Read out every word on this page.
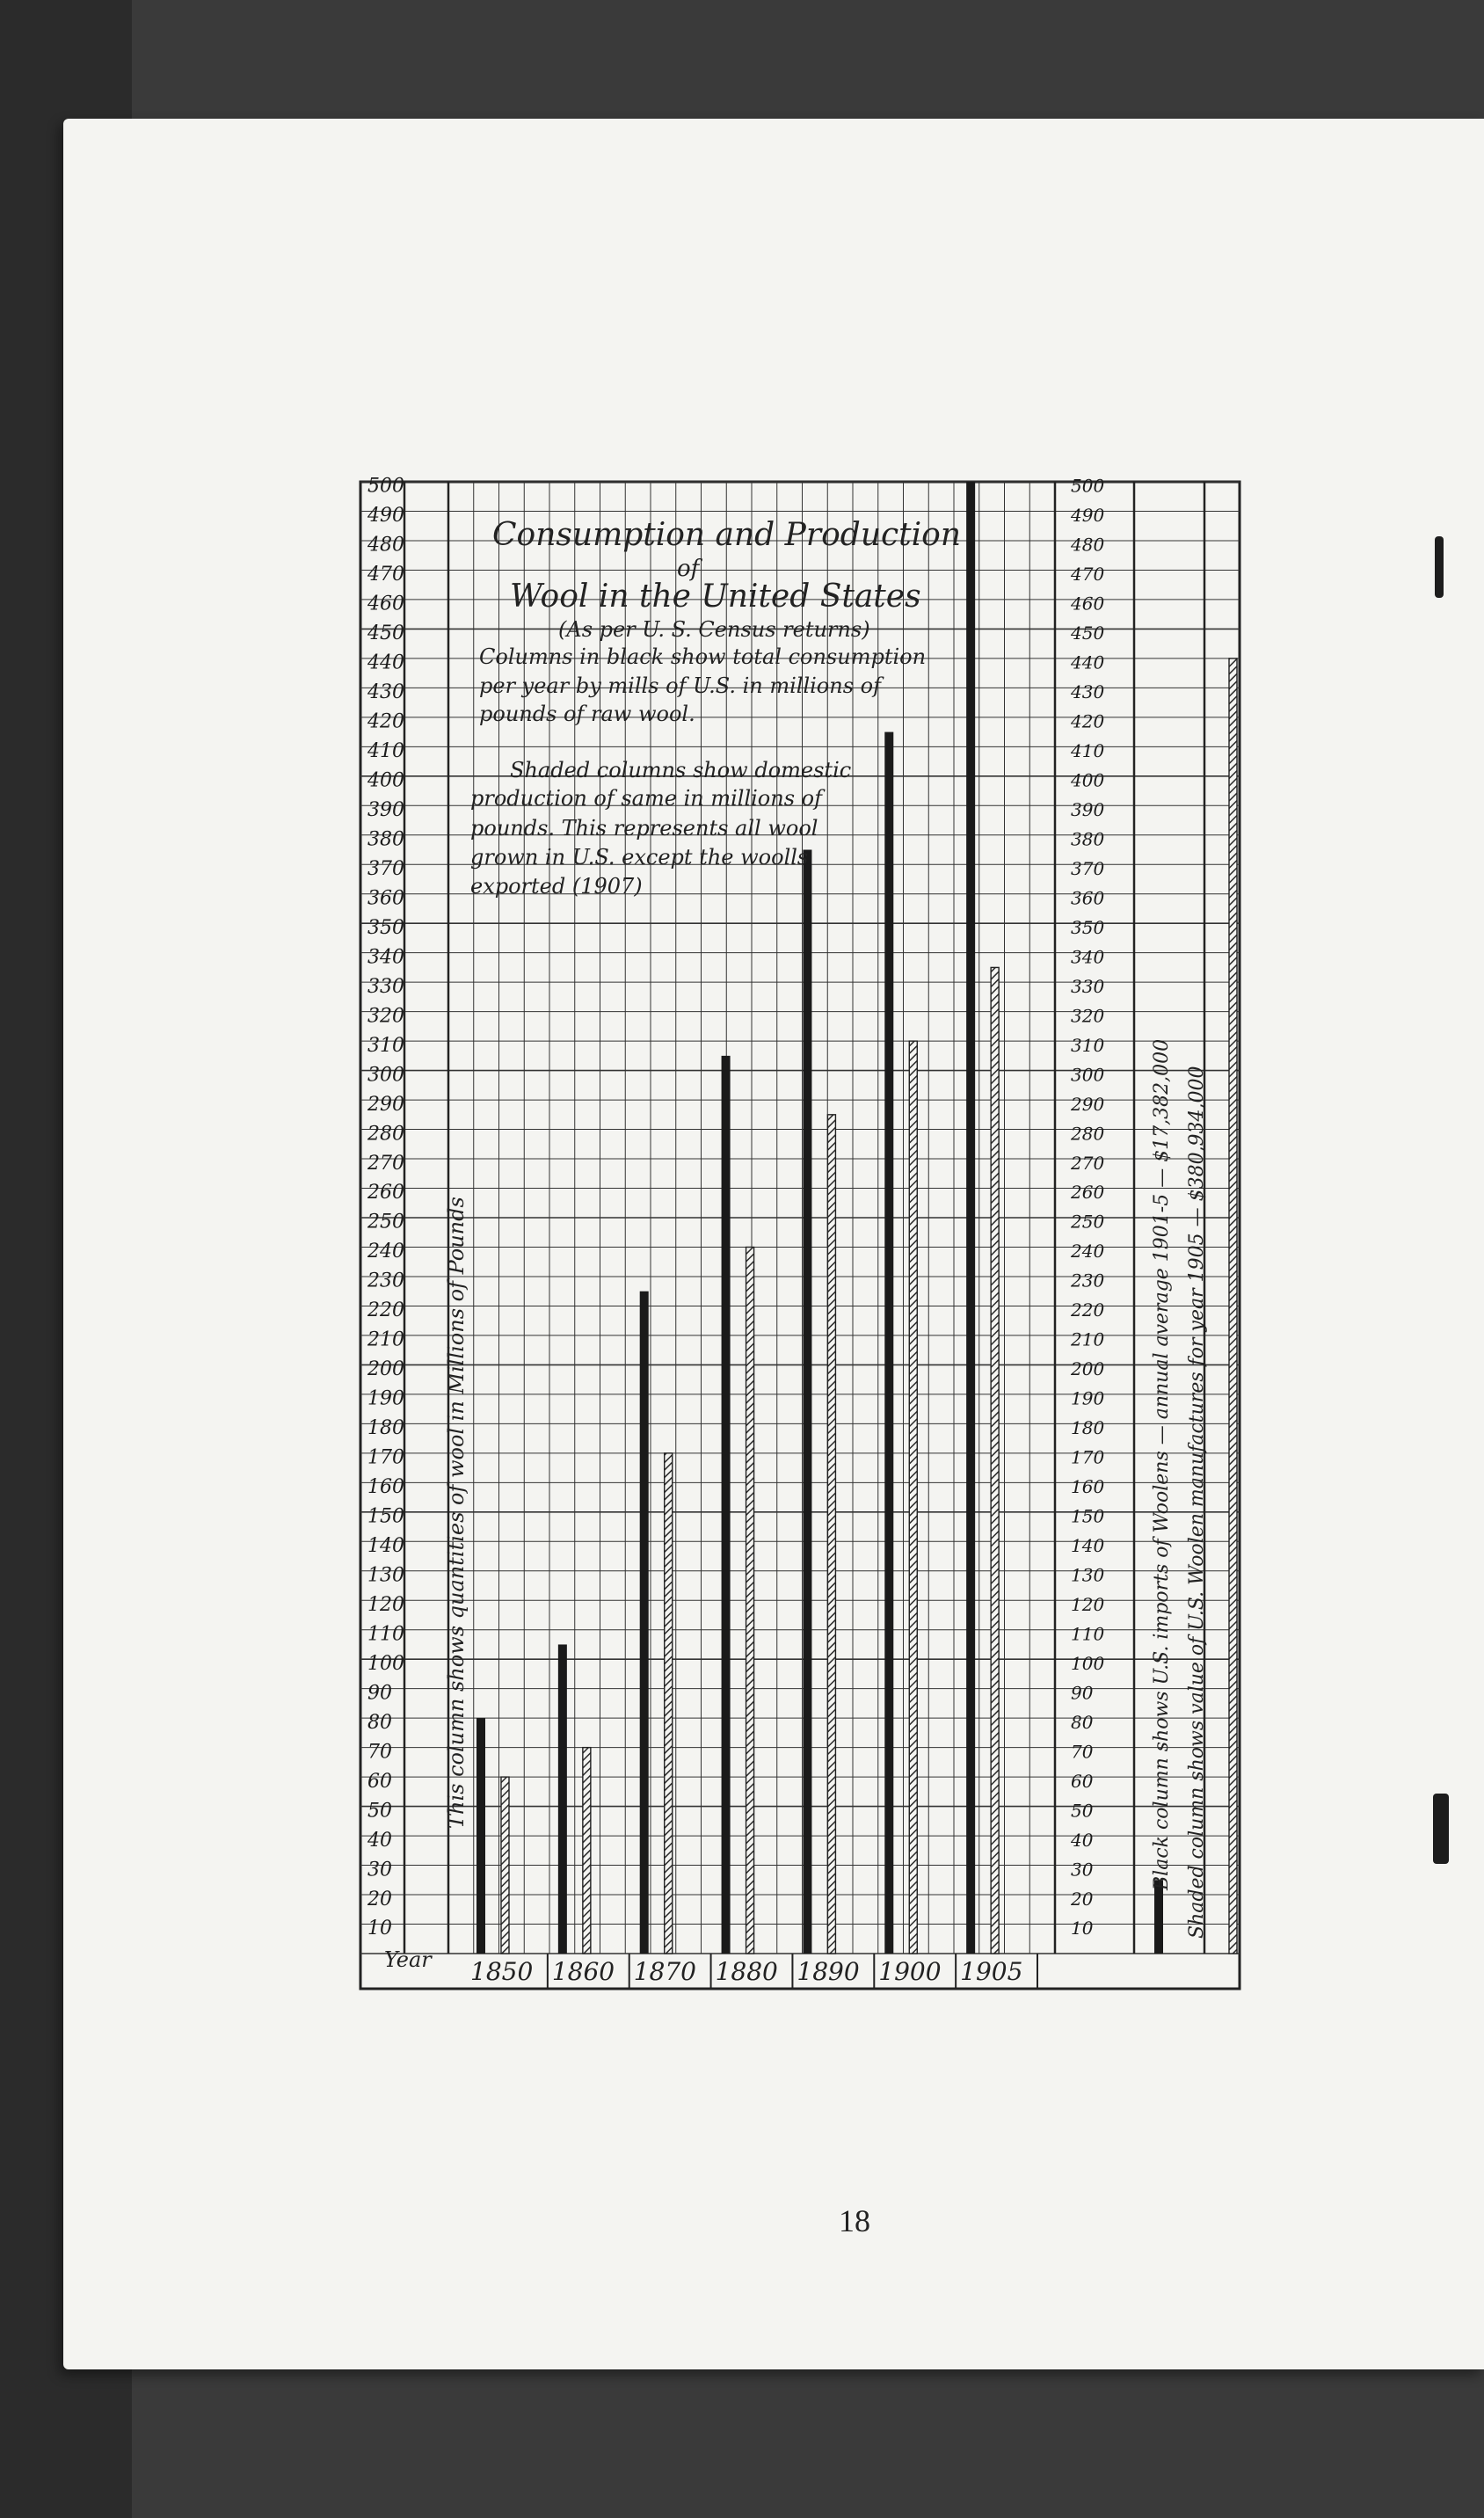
18
Consumption and Production
of
Wool in the United States
(As per U. S. Census returns)
Columns in black show total consumption
per year by mills of U.S. in millions of
pounds of raw wool.
Shaded columns show domestic
production of same in millions of
pounds. This represents all wool
grown in U.S. except the woolls
exported (1907)
This column shows quantities of wool in Millions of Pounds
Year
Black column shows U.S. imports of Woolens — annual average 1901-5 — $17,382,000 Shaded column shows value of U.S. Woolen manufactures for year 1905 — $380,934,000
10	10
20	20
30	30
40	40
50	50
60	60
70	70
80	80
90	90
100	100
110	110
120	120
130	130
140	140
150	150
160	160
170	170
180	180
190	190
200	200
210	210
220	220
230	230
240	240
250	250
260	260
270	270
280	280
290	290
300	300
310	310
320	320
330	330
340	340
350	350
360	360
370	370
380	380
390	390
400	400
410	410
420	420
430	430
440	440
450	450
460	460
470	470
480	480
490	490
500	500
1850 1860 1870 1880 1890 1900 1905
